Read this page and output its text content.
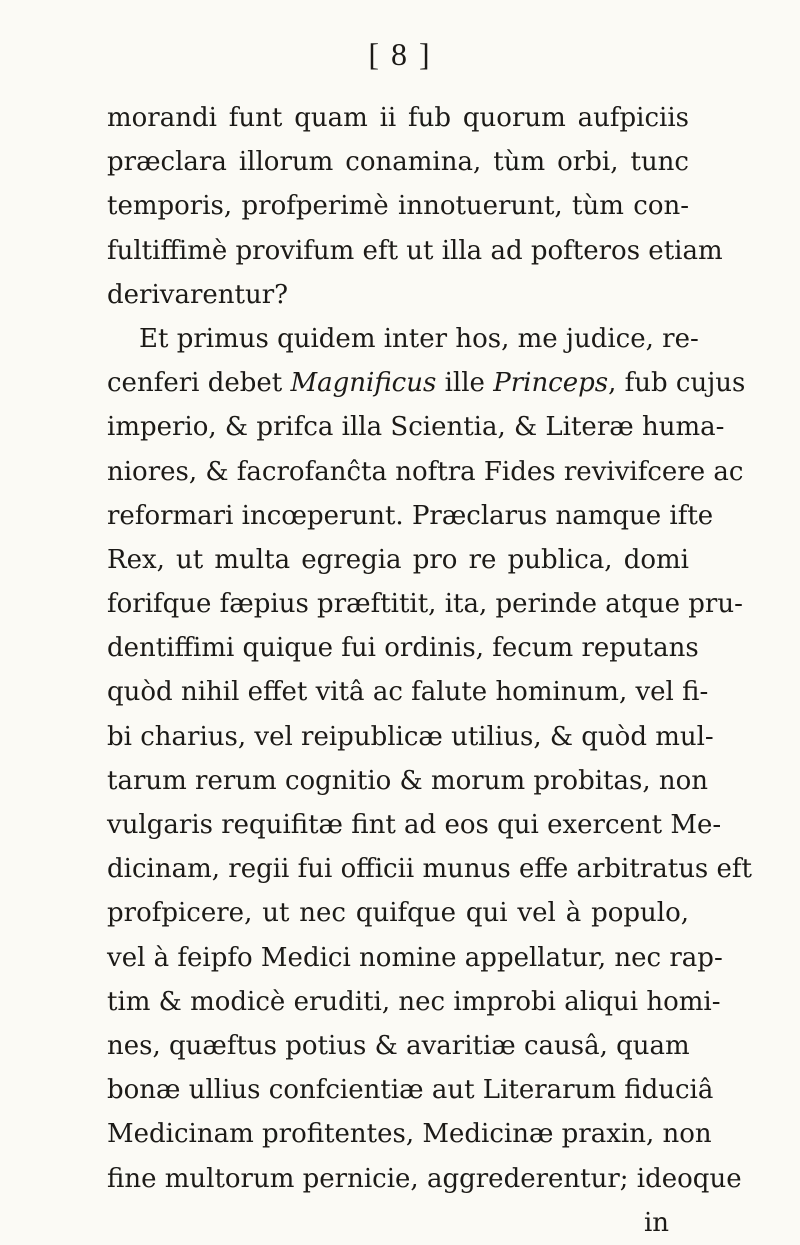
[ 8 ]
morandi funt quam ii fub quorum aufpiciis
præclara illorum conamina, tùm orbi, tunc
temporis, profperimè innotuerunt, tùm con-
fultiffimè provifum eft ut illa ad pofteros etiam
derivarentur?
Et primus quidem inter hos, me judice, re-
cenferi debet Magnificus ille Princeps, fub cujus
imperio, & prifca illa Scientia, & Literæ huma-
niores, & facrofanĉta noftra Fides revivifcere ac
reformari incœperunt. Præclarus namque ifte
Rex, ut multa egregia pro re publica, domi
forifque fæpius præftitit, ita, perinde atque pru-
dentiffimi quique fui ordinis, fecum reputans
quòd nihil effet vitâ ac falute hominum, vel fi-
bi charius, vel reipublicæ utilius, & quòd mul-
tarum rerum cognitio & morum probitas, non
vulgaris requifitæ fint ad eos qui exercent Me-
dicinam, regii fui officii munus effe arbitratus eft
profpicere, ut nec quifque qui vel à populo,
vel à feipfo Medici nomine appellatur, nec rap-
tim & modicè eruditi, nec improbi aliqui homi-
nes, quæftus potius & avaritiæ causâ, quam
bonæ ullius confcientiæ aut Literarum fiduciâ
Medicinam profitentes, Medicinæ praxin, non
fine multorum pernicie, aggrederentur; ideoque
in
